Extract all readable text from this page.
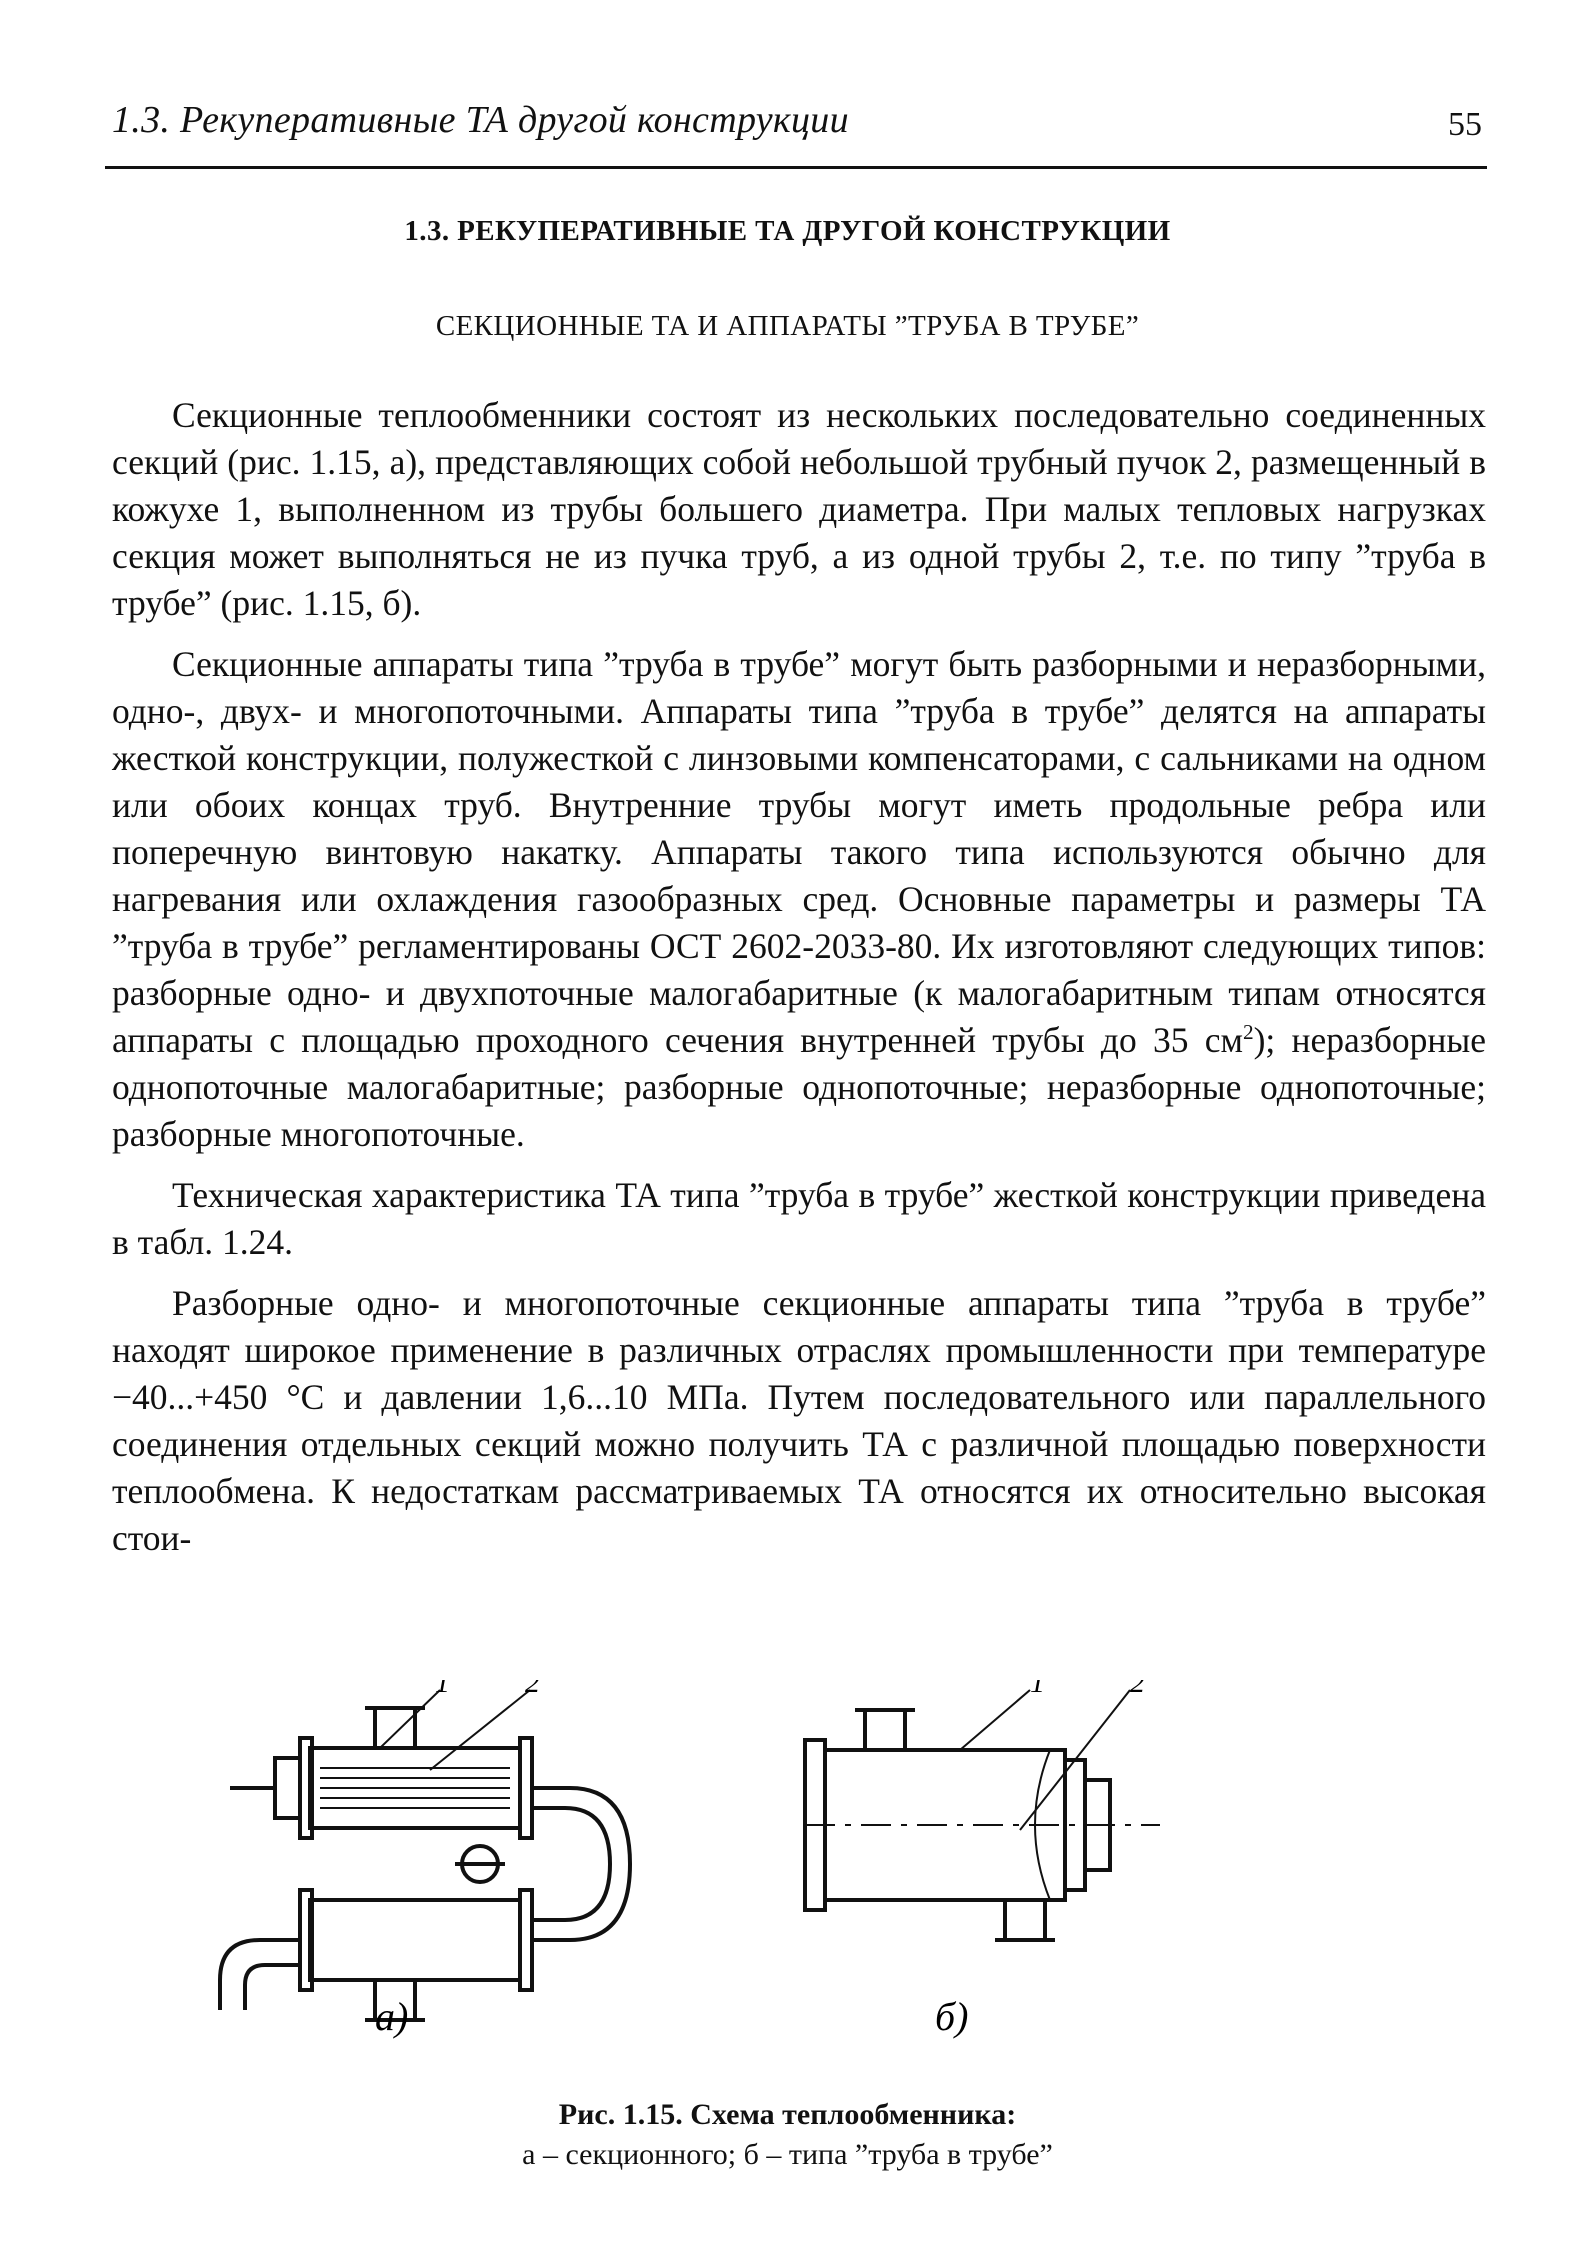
1.3. Рекуперативные ТА другой конструкции	55
1.3. РЕКУПЕРАТИВНЫЕ ТА ДРУГОЙ КОНСТРУКЦИИ
СЕКЦИОННЫЕ ТА И АППАРАТЫ ”ТРУБА В ТРУБЕ”

Секционные теплообменники состоят из нескольких последовательно соединенных секций (рис. 1.15, а), представляющих собой небольшой трубный пучок 2, размещенный в кожухе 1, выполненном из трубы большего диаметра. При малых тепловых нагрузках секция может выполняться не из пучка труб, а из одной трубы 2, т.е. по типу ”труба в трубе” (рис. 1.15, б).

Секционные аппараты типа ”труба в трубе” могут быть разборными и неразборными, одно-, двух- и многопоточными. Аппараты типа ”труба в трубе” делятся на аппараты жесткой конструкции, полужесткой с линзовыми компенсаторами, с сальниками на одном или обоих концах труб. Внутренние трубы могут иметь продольные ребра или поперечную винтовую накатку. Аппараты такого типа используются обычно для нагревания или охлаждения газообразных сред. Основные параметры и размеры ТА ”труба в трубе” регламентированы ОСТ 2602-2033-80. Их изготовляют следующих типов: разборные одно- и двухпоточные малогабаритные (к малогабаритным типам относятся аппараты с площадью проходного сечения внутренней трубы до 35 $см^2$); неразборные однопоточные малогабаритные; разборные однопоточные; неразборные однопоточные; разборные многопоточные.

Техническая характеристика ТА типа ”труба в трубе” жесткой конструкции приведена в табл. 1.24.

Разборные одно- и многопоточные секционные аппараты типа ”труба в трубе” находят широкое применение в различных отраслях промышленности при температуре −40...+450 °С и давлении 1,6...10 МПа. Путем последовательного или параллельного соединения отдельных секций можно получить ТА с различной площадью поверхности теплообмена. К недостаткам рассматриваемых ТА относятся их относительно высокая стои-

1	2
а)
1	2
б)
Рис. 1.15. Схема теплообменника:
а – секционного; б – типа ”труба в трубе”
